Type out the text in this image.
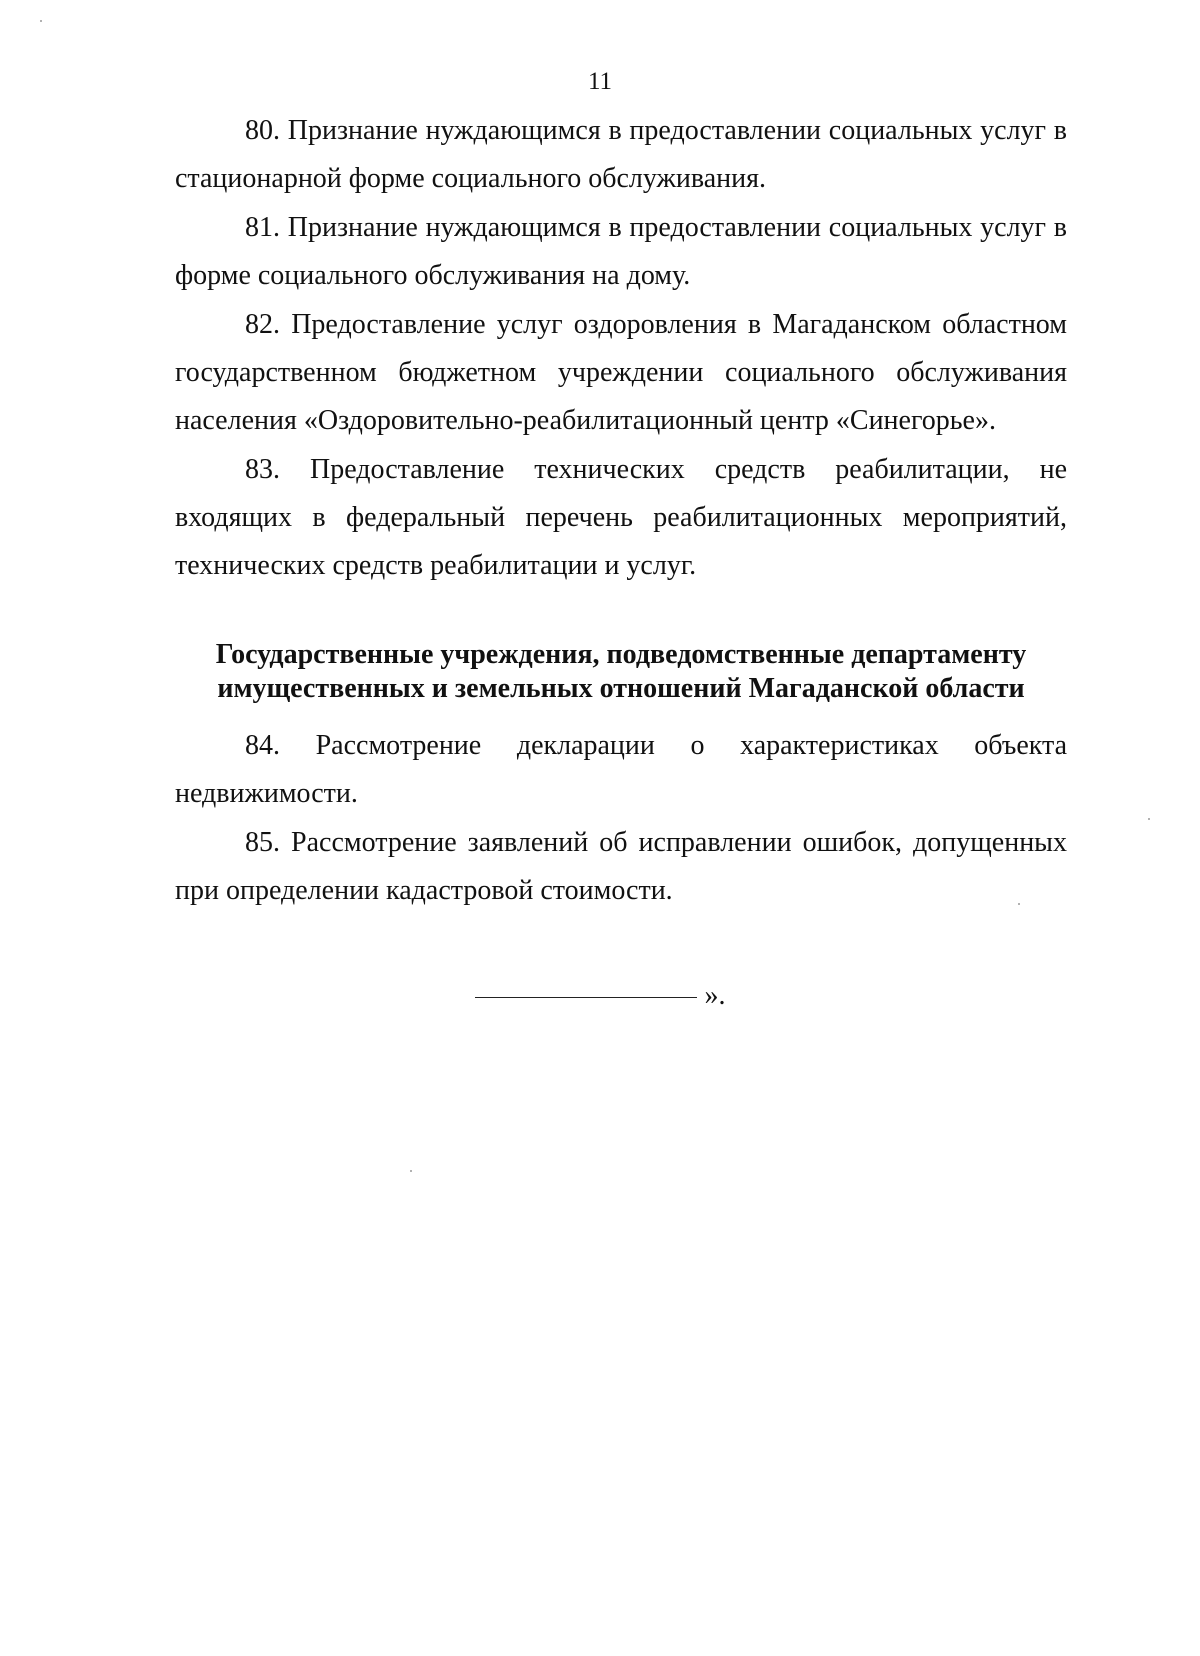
11

80. Признание нуждающимся в предоставлении социальных услуг в стационарной форме социального обслуживания.

81. Признание нуждающимся в предоставлении социальных услуг в форме социального обслуживания на дому.

82. Предоставление услуг оздоровления в Магаданском областном государственном бюджетном учреждении социального обслуживания населения «Оздоровительно-реабилитационный центр «Синегорье».

83. Предоставление технических средств реабилитации, не входящих в федеральный перечень реабилитационных мероприятий, технических средств реабилитации и услуг.

Государственные учреждения, подведомственные департаменту
имущественных и земельных отношений Магаданской области

84. Рассмотрение декларации о характеристиках объекта недвижимости.

85. Рассмотрение заявлений об исправлении ошибок, допущенных при определении кадастровой стоимости.

».
